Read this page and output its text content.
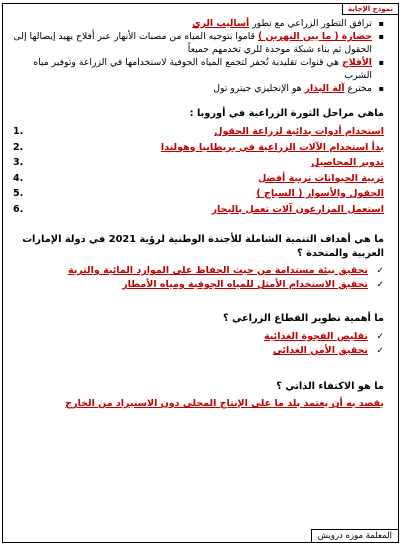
نموذج الإجابة
▪ ترافق التطور الزراعي مع تطور أساليب الري
▪ حضارة ( ما بين النهرين ) قاموا بتوجيه المياه من مصبات الأنهار عبر أفلاج يهيد إيصالها إلى الحقول ثم بناء شبكة موحدة للري تخدمهم جميعاً
▪ الأفلاج هي قنوات تقليدية تُحفر لتجمع المياه الجوفية لاستخدامها في الزراعة وتوفير مياه الشرب
▪ مخترع آلة البذار هو الإنجليزي جيترو تول
ماهي مراحل الثورة الزراعية في أوروبا :
استخدام أدوات بدائية لزراعة الحقول
.1
بدأ استخدام الآلات الزراعية في بريطانيا وهولندا
.2
تدوير المحاصيل
.3
تربية الحيوانات تربية أفضل
.4
الحقول والأسوار ( السياج )
.5
استعمل المزارعون آلات تعمل بالبخار
.6
ما هي أهداف التنمية الشاملة للأجندة الوطنية لرؤية 2021 في دولة الإمارات العربية والمتحدة ؟
✓
تحقيق بيئة مستدامة من حيث الحفاظ على الموارد المائية والتربة
✓
تحقيق الاستخدام الأمثل للمياه الجوفية ومياه الأمطار
ما أهمية تطوير القطاع الزراعي ؟
✓
تقليص الفجوة الغذائية
✓
تحقيق الأمن الغذائي
ما هو الاكتفاء الذاتي ؟
يقصد به أن يعتمد بلد ما على الإنتاج المحلي دون الاستيراد من الخارج
المعلمة موزه درويش
